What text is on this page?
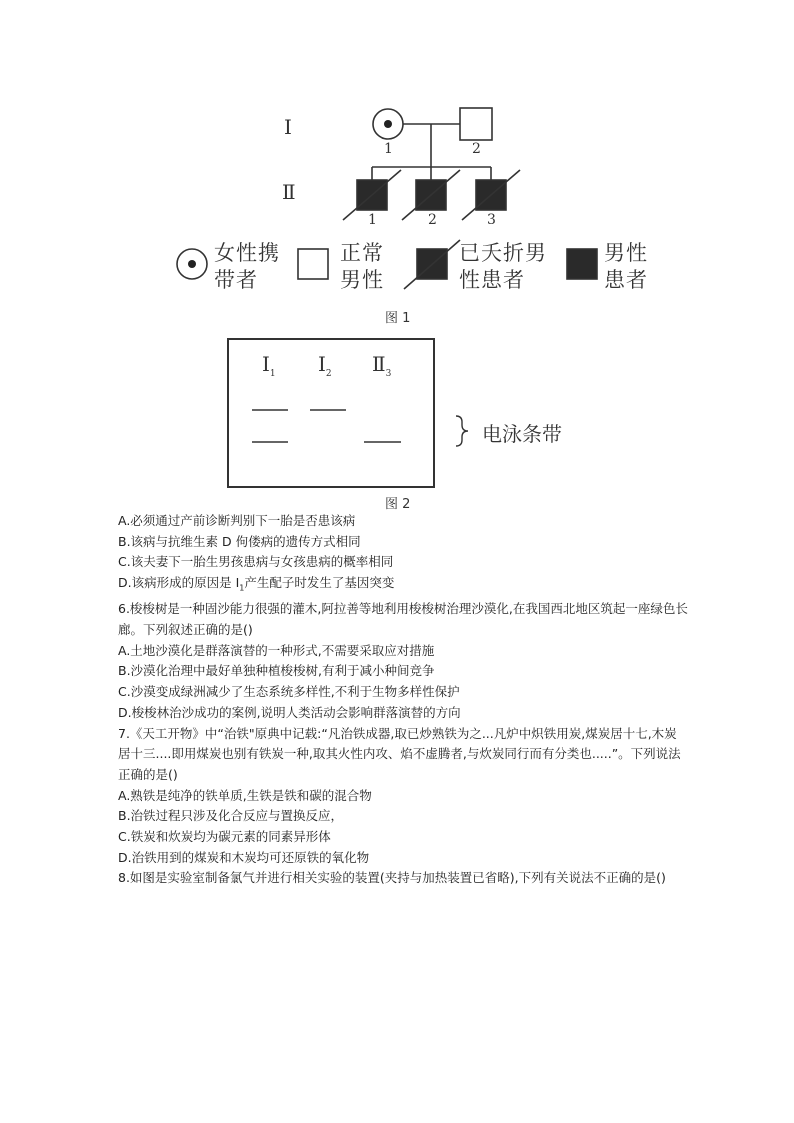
Ⅰ
Ⅱ
1	2
1	2	3
女性携
带者
正常
男性
已夭折男
性患者
男性
患者
图 1
$I_1$ $I_2$ $Ⅱ_3$
电泳条带
图 2

A.必须通过产前诊断判别下一胎是否患该病

B.该病与抗维生素 D 佝偻病的遗传方式相同

C.该夫妻下一胎生男孩患病与女孩患病的概率相同

D.该病形成的原因是 $I_1$产生配子时发生了基因突变

6.梭梭树是一种固沙能力很强的灌木,阿拉善等地利用梭梭树治理沙漠化,在我国西北地区筑起一座绿色长廊。下列叙述正确的是()

A.土地沙漠化是群落演替的一种形式,不需要采取应对措施

B.沙漠化治理中最好单独种植梭梭树,有利于减小种间竞争

C.沙漠变成绿洲减少了生态系统多样性,不利于生物多样性保护

D.梭梭林治沙成功的案例,说明人类活动会影响群落演替的方向

7.《天工开物》中“治铁"原典中记载:“凡治铁成器,取已炒熟铁为之...凡炉中炽铁用炭,煤炭居十七,木炭居十三....即用煤炭也别有铁炭一种,取其火性内攻、焰不虚腾者,与炊炭同行而有分类也.....”。下列说法正确的是()

A.熟铁是纯净的铁单质,生铁是铁和碳的混合物

B.治铁过程只涉及化合反应与置换反应，

C.铁炭和炊炭均为碳元素的同素异形体

D.治铁用到的煤炭和木炭均可还原铁的氧化物

8.如图是实验室制备氯气并进行相关实验的装置(夹持与加热装置已省略),下列有关说法不正确的是()
